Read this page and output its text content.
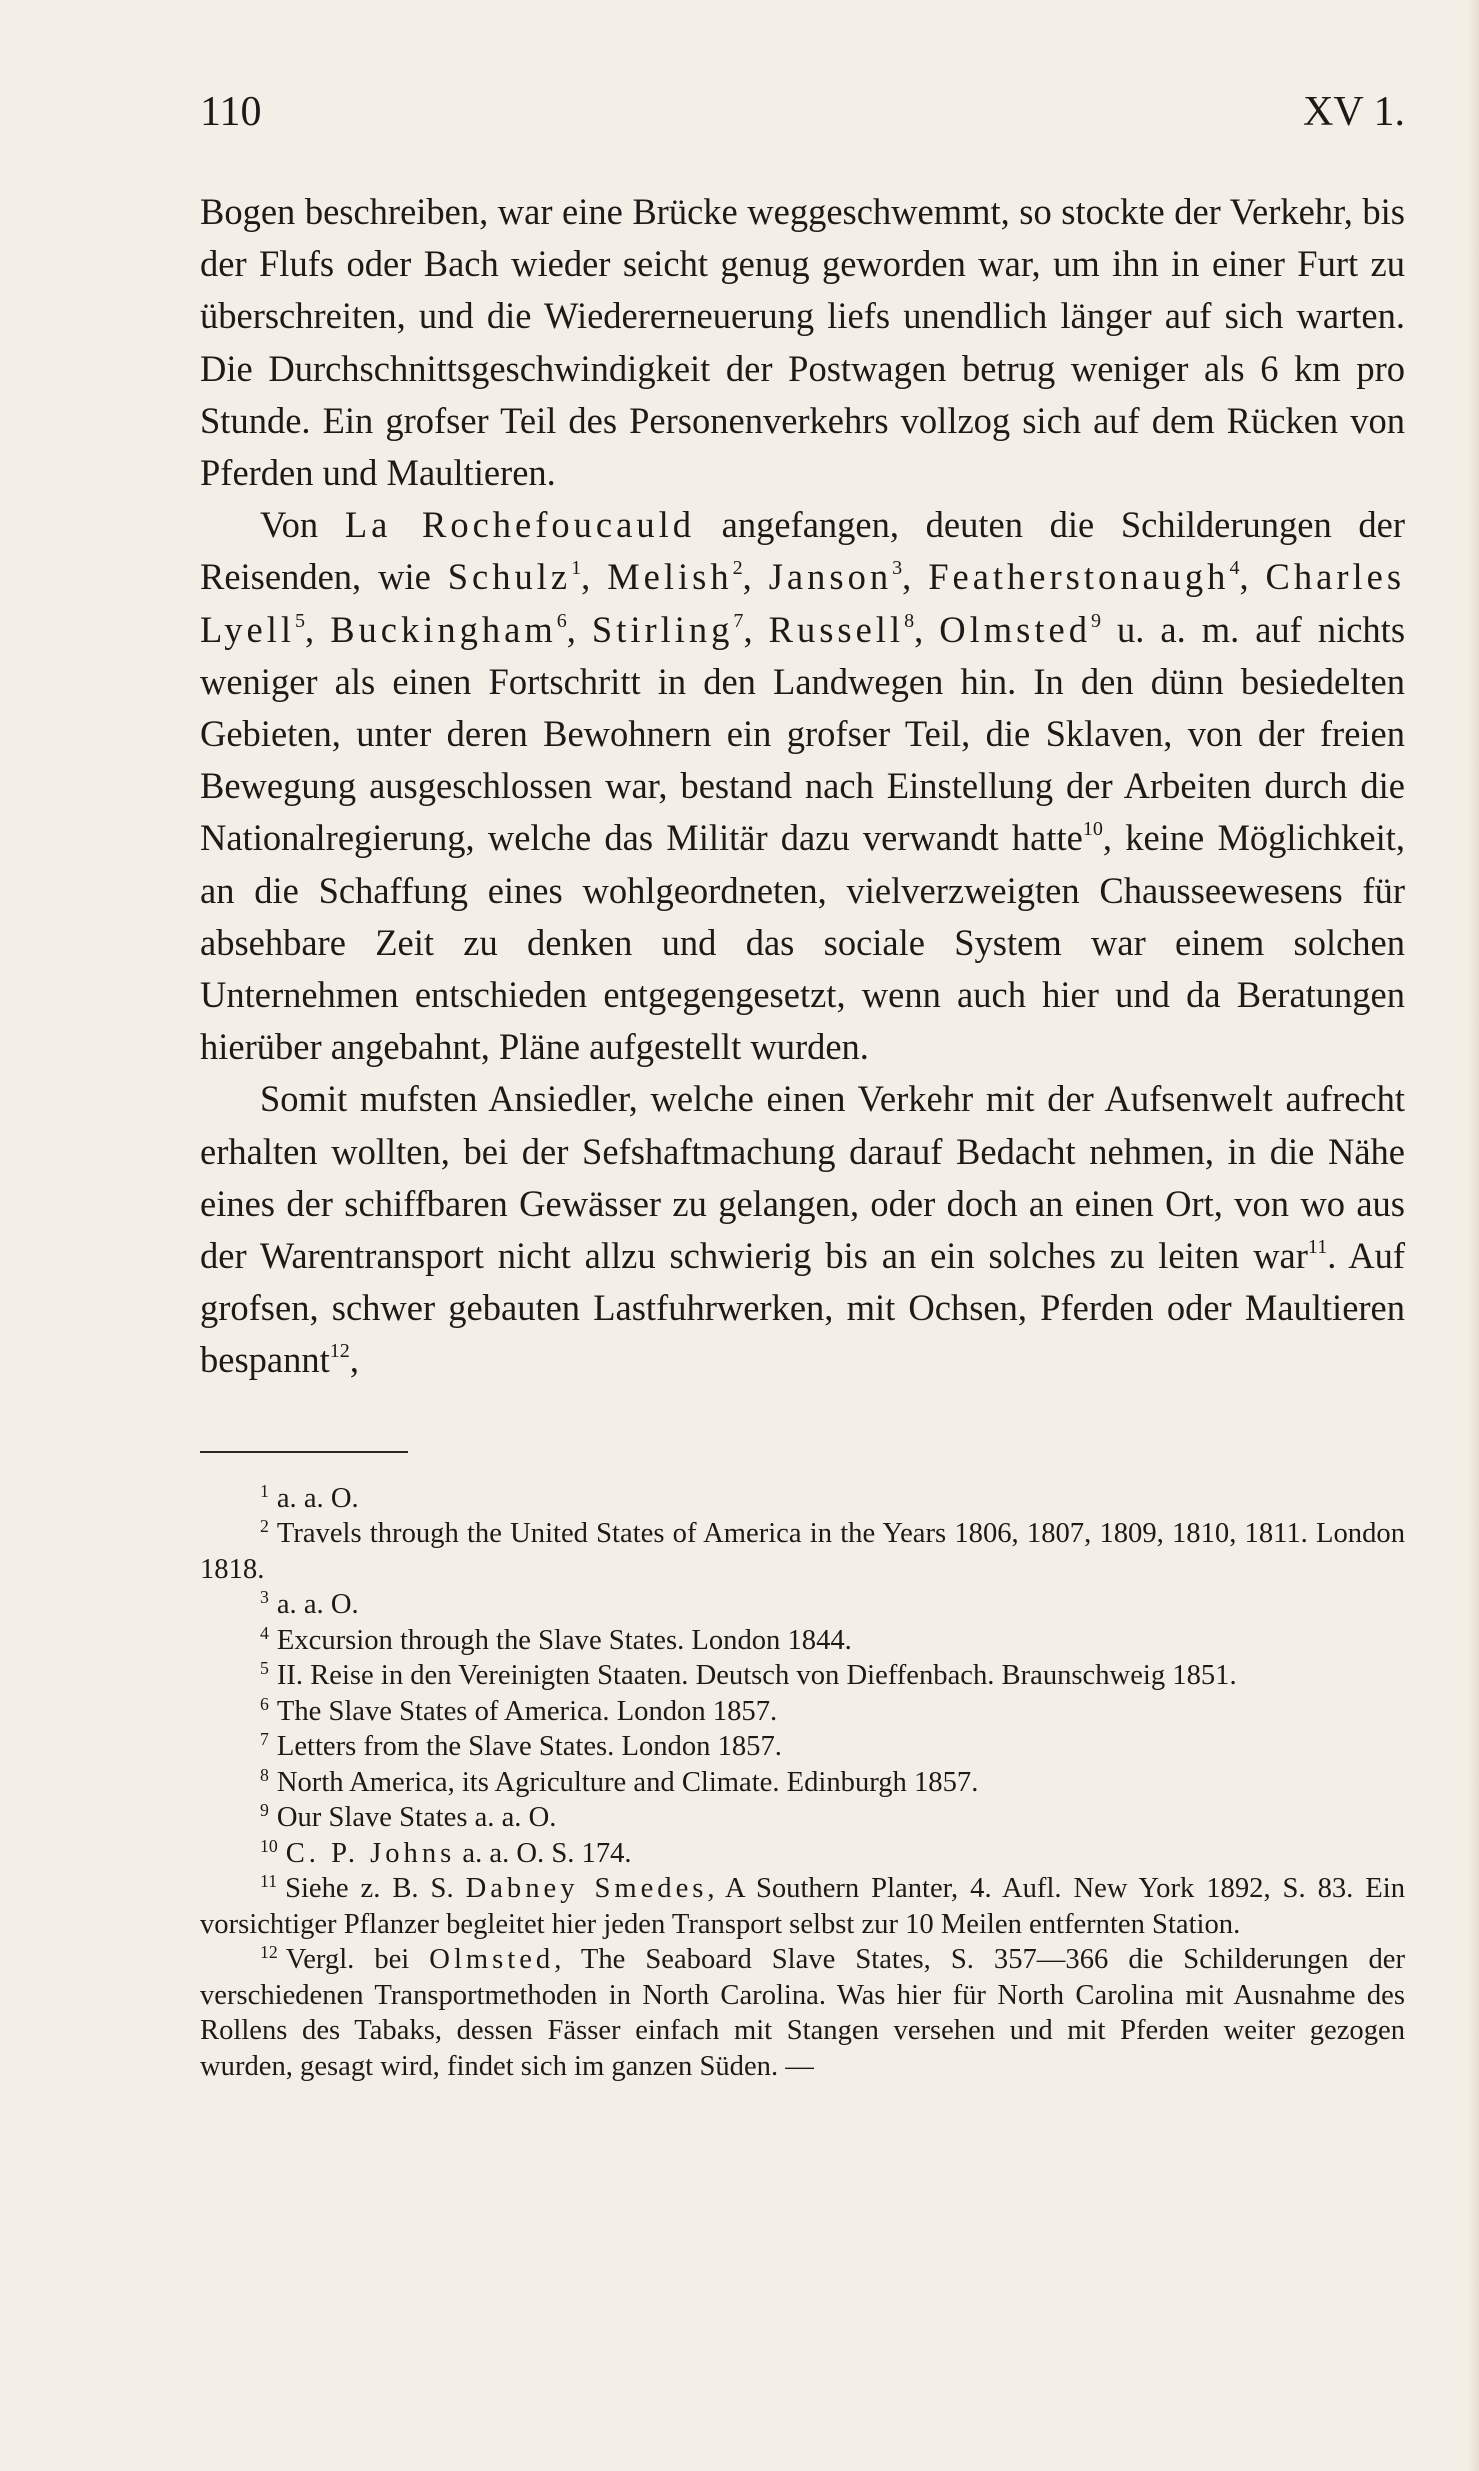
110	XV 1.

Bogen beschreiben, war eine Brücke weggeschwemmt, so stockte der Verkehr, bis der Flufs oder Bach wieder seicht genug geworden war, um ihn in einer Furt zu überschreiten, und die Wiedererneuerung liefs unendlich länger auf sich warten. Die Durchschnittsgeschwindigkeit der Postwagen betrug weniger als 6 km pro Stunde. Ein grofser Teil des Personenverkehrs vollzog sich auf dem Rücken von Pferden und Maultieren.

Von La Rochefoucauld angefangen, deuten die Schilderungen der Reisenden, wie Schulz$^1$, Melish$^2$, Janson$^3$, Featherstonaugh$^4$, Charles Lyell$^5$, Buckingham$^6$, Stirling$^7$, Russell$^8$, Olmsted$^9$ u. a. m. auf nichts weniger als einen Fortschritt in den Landwegen hin. In den dünn besiedelten Gebieten, unter deren Bewohnern ein grofser Teil, die Sklaven, von der freien Bewegung ausgeschlossen war, bestand nach Einstellung der Arbeiten durch die Nationalregierung, welche das Militär dazu verwandt hatte$^{10}$, keine Möglichkeit, an die Schaffung eines wohlgeordneten, vielverzweigten Chausseewesens für absehbare Zeit zu denken und das sociale System war einem solchen Unternehmen entschieden entgegengesetzt, wenn auch hier und da Beratungen hierüber angebahnt, Pläne aufgestellt wurden.

Somit mufsten Ansiedler, welche einen Verkehr mit der Aufsenwelt aufrecht erhalten wollten, bei der Sefshaftmachung darauf Bedacht nehmen, in die Nähe eines der schiffbaren Gewässer zu gelangen, oder doch an einen Ort, von wo aus der Warentransport nicht allzu schwierig bis an ein solches zu leiten war$^{11}$. Auf grofsen, schwer gebauten Lastfuhrwerken, mit Ochsen, Pferden oder Maultieren bespannt$^{12}$,

$^1$ a. a. O.

$^2$ Travels through the United States of America in the Years 1806, 1807, 1809, 1810, 1811. London 1818.

$^3$ a. a. O.

$^4$ Excursion through the Slave States. London 1844.

$^5$ II. Reise in den Vereinigten Staaten. Deutsch von Dieffenbach. Braunschweig 1851.

$^6$ The Slave States of America. London 1857.

$^7$ Letters from the Slave States. London 1857.

$^8$ North America, its Agriculture and Climate. Edinburgh 1857.

$^9$ Our Slave States a. a. O.

$^{10}$ C. P. Johns a. a. O. S. 174.

$^{11}$ Siehe z. B. S. Dabney Smedes, A Southern Planter, 4. Aufl. New York 1892, S. 83. Ein vorsichtiger Pflanzer begleitet hier jeden Transport selbst zur 10 Meilen entfernten Station.

$^{12}$ Vergl. bei Olmsted, The Seaboard Slave States, S. 357—366 die Schilderungen der verschiedenen Transportmethoden in North Carolina. Was hier für North Carolina mit Ausnahme des Rollens des Tabaks, dessen Fässer einfach mit Stangen versehen und mit Pferden weiter gezogen wurden, gesagt wird, findet sich im ganzen Süden. —
